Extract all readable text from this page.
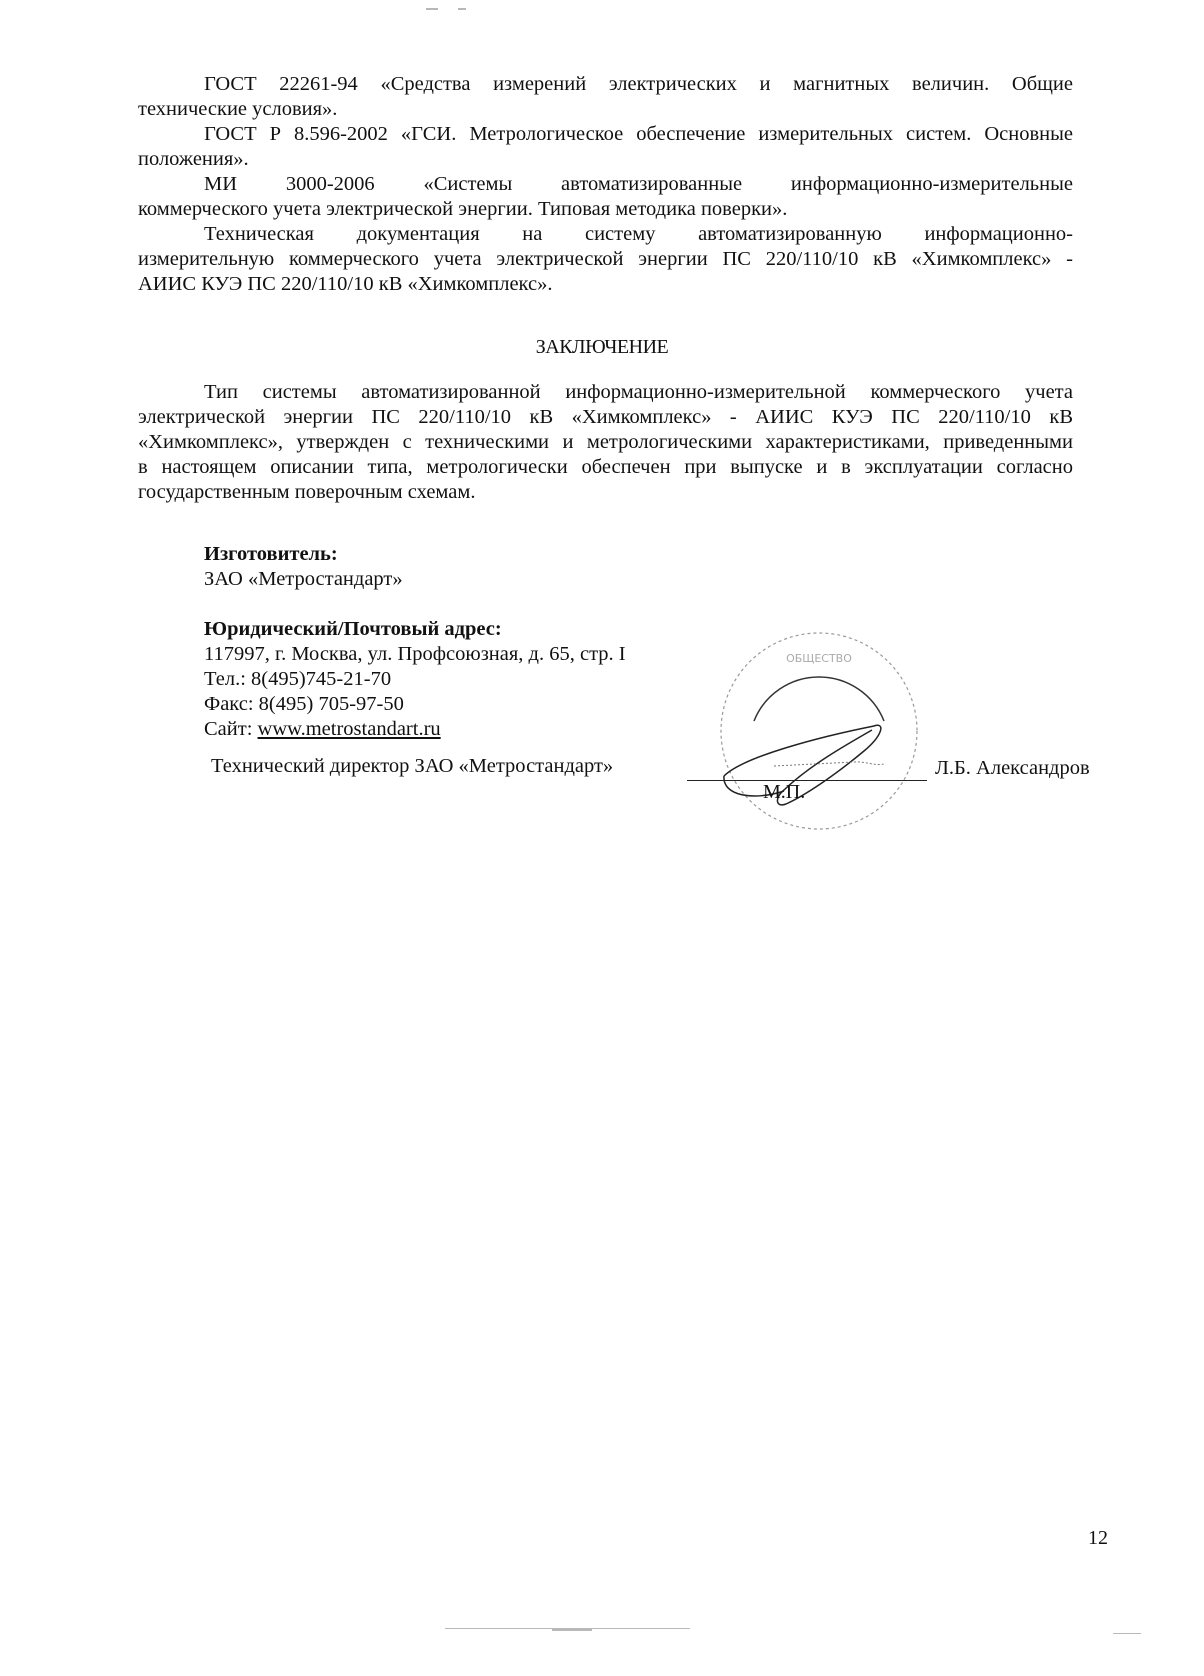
ГОСТ 22261-94 «Средства измерений электрических и магнитных величин. Общие
технические условия».
ГОСТ Р 8.596-2002 «ГСИ. Метрологическое обеспечение измерительных систем. Основные
положения».
МИ 3000-2006 «Системы автоматизированные информационно-измерительные
коммерческого учета электрической энергии. Типовая методика поверки».
Техническая документация на систему автоматизированную информационно-
измерительную коммерческого учета электрической энергии ПС 220/110/10 кВ «Химкомплекс» -
АИИС КУЭ ПС 220/110/10 кВ «Химкомплекс».
ЗАКЛЮЧЕНИЕ
Тип системы автоматизированной информационно-измерительной коммерческого учета
электрической энергии ПС 220/110/10 кВ «Химкомплекс» - АИИС КУЭ ПС 220/110/10 кВ
«Химкомплекс», утвержден с техническими и метрологическими характеристиками, приведенными
в настоящем описании типа, метрологически обеспечен при выпуске и в эксплуатации согласно
государственным поверочным схемам.
Изготовитель:
ЗАО «Метростандарт»
Юридический/Почтовый адрес:
117997, г. Москва, ул. Профсоюзная, д. 65, стр. I
Тел.: 8(495)745-21-70
Факс: 8(495) 705-97-50
Сайт: www.metrostandart.ru
Технический директор ЗАО «Метростандарт»
ОБЩЕСТВО
М.П.
Л.Б. Александров
12
